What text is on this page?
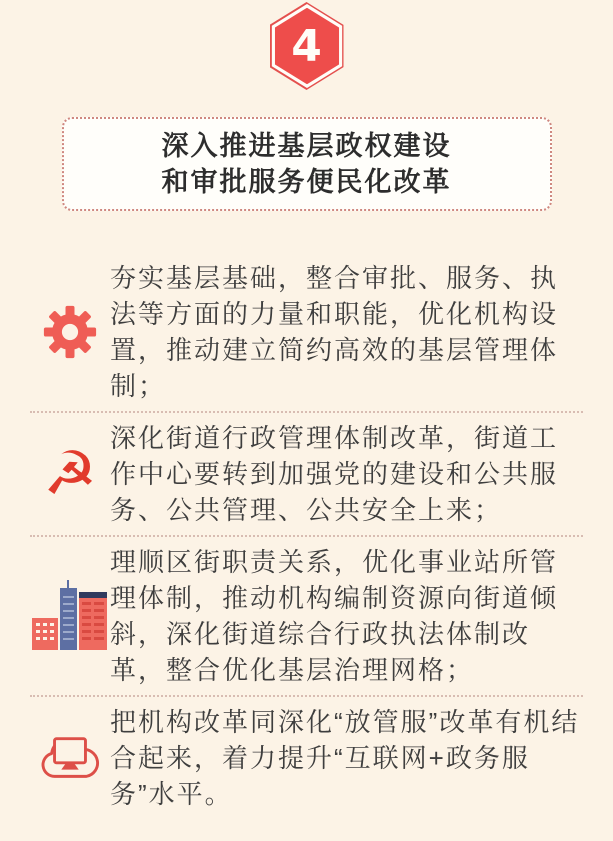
4
深入推进基层政权建设
和审批服务便民化改革
夯实基层基础，整合审批、服务、执法等方面的力量和职能，优化机构设置，推动建立简约高效的基层管理体制；
☭
深化街道行政管理体制改革，街道工作中心要转到加强党的建设和公共服务、公共管理、公共安全上来；
理顺区街职责关系，优化事业站所管理体制，推动机构编制资源向街道倾斜，深化街道综合行政执法体制改革，整合优化基层治理网格；
把机构改革同深化“放管服”改革有机结合起来，着力提升“互联网+政务服务”水平。
